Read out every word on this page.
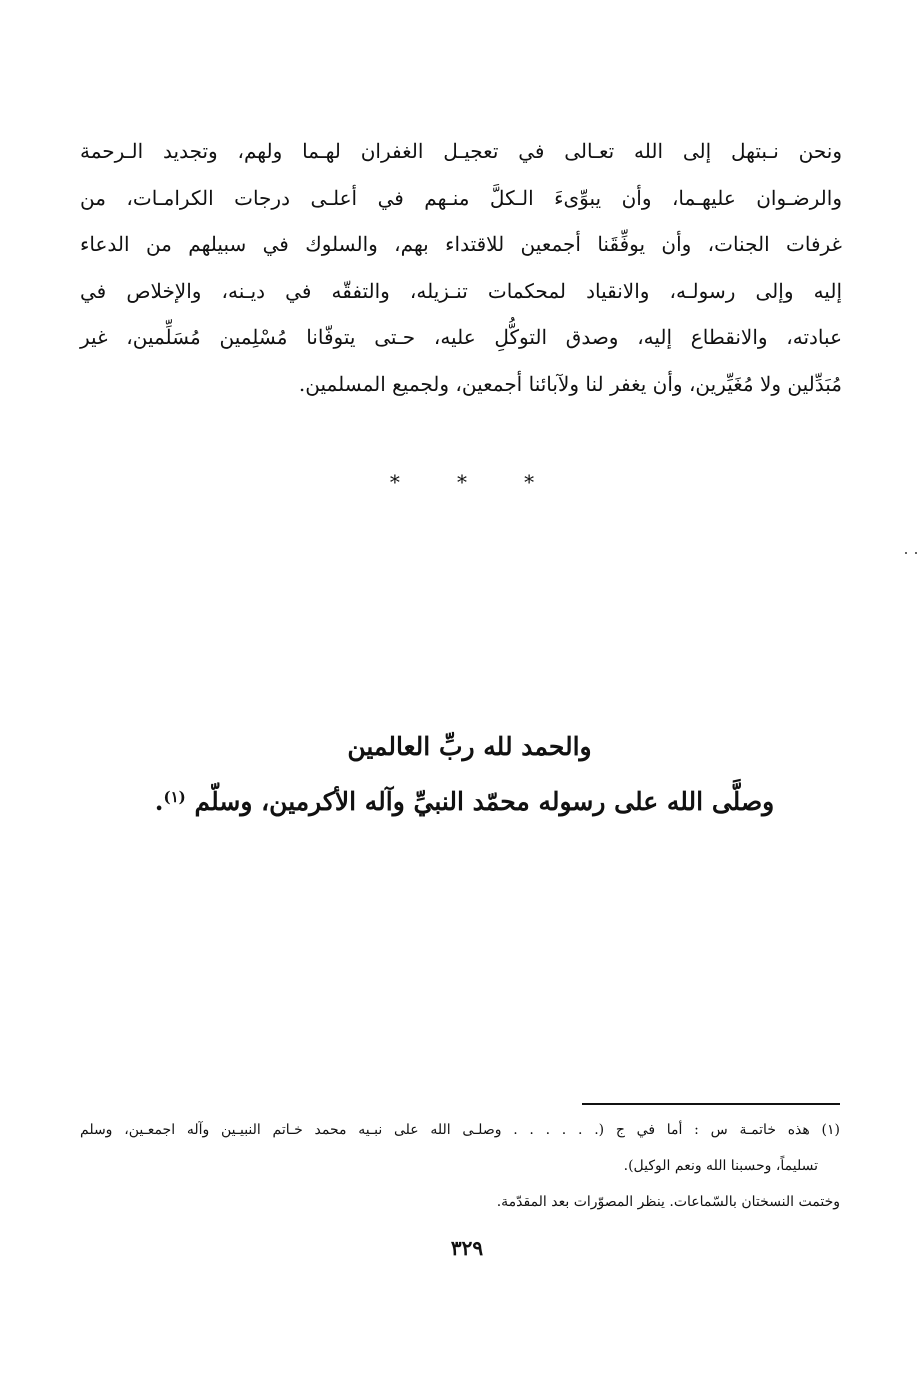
ونحن نـبتهل إلى الله تعـالى في تعجيـل الغفران لهـما ولهم، وتجديد الـرحمة
والرضـوان عليهـما، وأن يبوِّىءَ الـكلَّ منـهم في أعلـى درجات الكرامـات، من
غرفات الجنات، وأن يوفِّقَنا أجمعين للاقتداء بهم، والسلوك في سبيلهم من الدعاء
إليه وإلى رسولـه، والانقياد لمحكمات تنـزيله، والتفقّه في ديـنه، والإخلاص في
عبادته، والانقطاع إليه، وصدق التوكُّلِ عليه، حـتى يتوفّانا مُسْلِمين مُسَلِّمين، غير
مُبَدِّلين ولا مُغَيِّرين، وأن يغفر لنا ولآبائنا أجمعين، ولجميع المسلمين.
*	*	*
والحمد لله ربِّ العالمين
وصلَّى الله على رسوله محمّد النبيِّ وآله الأكرمين، وسلّم $^{(١)}$.
(١) هذه خاتمـة س : أما في ج (. . . . . . وصلـى الله على نبـيه محمد خـاتم النبيـين وآله اجمعـين، وسلم
تسليماً، وحسبنا الله ونعم الوكيل).
وختمت النسختان بالسّماعات. ينظر المصوّرات بعد المقدّمة.
٣٢٩
